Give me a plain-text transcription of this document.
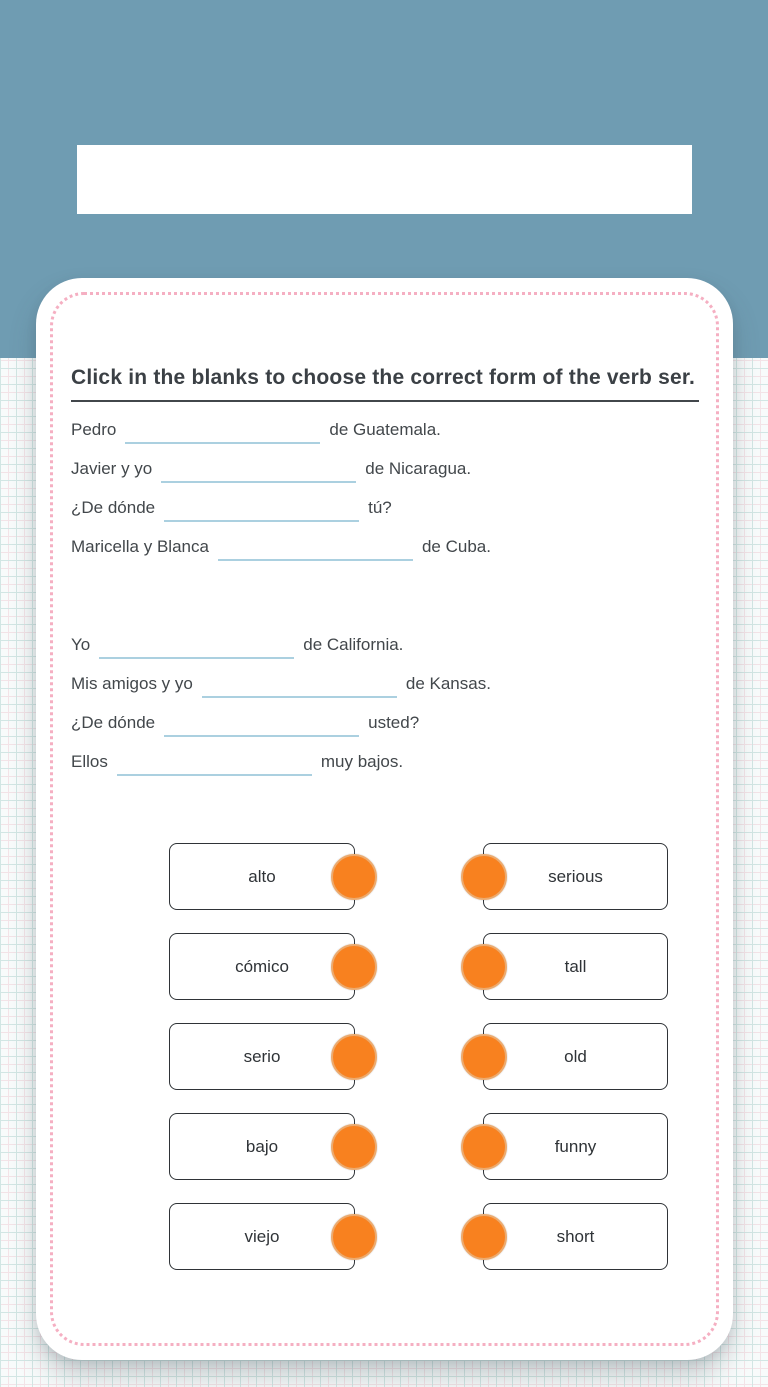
Click in the blanks to choose the correct form of the verb ser.
Pedro	de Guatemala.
Javier y yo	de Nicaragua.
¿De dónde	tú?
Maricella y Blanca	de Cuba.
Yo	de California.
Mis amigos y yo	de Kansas.
¿De dónde	usted?
Ellos	muy bajos.
alto	serious
cómico	tall
serio	old
bajo	funny
viejo	short
